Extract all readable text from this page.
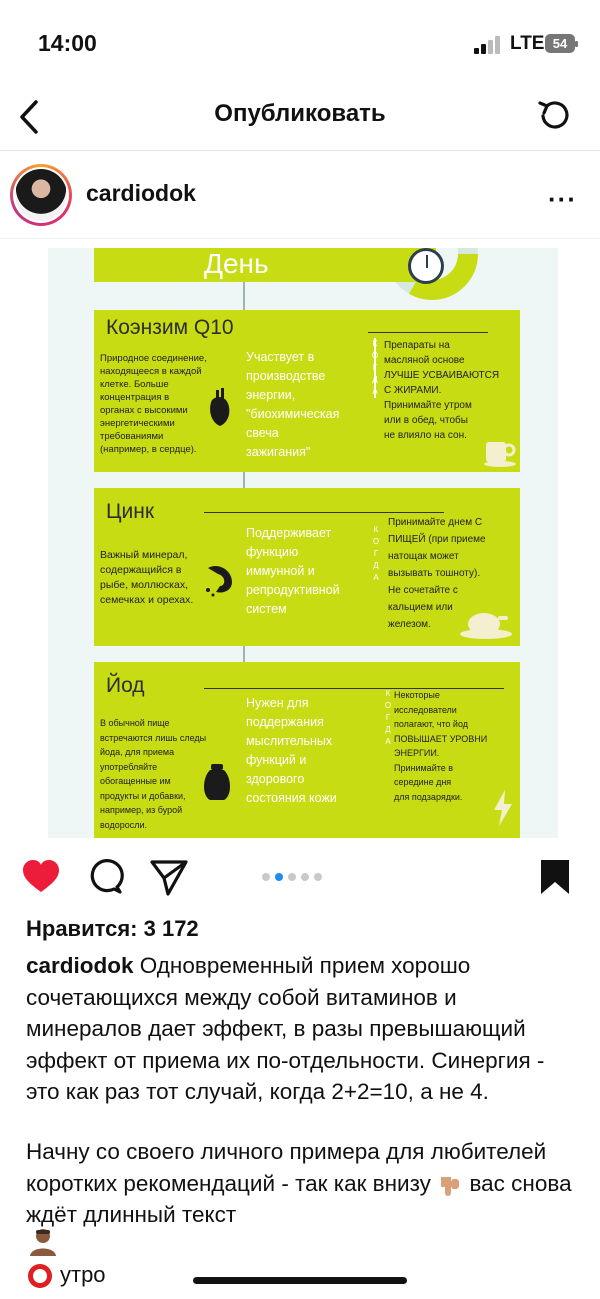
14:00	LTE 54
Опубликовать
cardiodok	···
День
Коэнзим Q10
Природное соединение,
находящееся в каждой
клетке. Больше
концентрация в
органах с высокими
энергетическими
требованиями
(например, в сердце).
Участвует в
производстве
энергии,
"биохимическая
свеча
зажигания"
К
О
Г
Д
А
Препараты на
масляной основе
ЛУЧШЕ УСВАИВАЮТСЯ
С ЖИРАМИ.
Принимайте утром
или в обед, чтобы
не влияло на сон.
Цинк
Важный минерал,
содержащийся в
рыбе, моллюсках,
семечках и орехах.
Поддерживает
функцию
иммунной и
репродуктивной
систем
К
О
Г
Д
А
Принимайте днем С
ПИЩЕЙ (при приеме
натощак может
вызывать тошноту).
Не сочетайте с
кальцием или
железом.
Йод
В обычной пище
встречаются лишь следы
йода, для приема
употребляйте
обогащенные им
продукты и добавки,
например, из бурой
водоросли.
Нужен для
поддержания
мыслительных
функций и
здорового
состояния кожи
К
О
Г
Д
А
Некоторые
исследователи
полагают, что йод
ПОВЫШАЕТ УРОВНИ
ЭНЕРГИИ.
Принимайте в
середине дня
для подзарядки.
Нравится: 3 172
cardiodok Одновременный прием хорошо сочетающихся между собой витаминов и минералов дает эффект, в разы превышающий эффект от приема их по-отдельности. Синергия - это как раз тот случай, когда 2+2=10, а не 4.
Начну со своего личного примера для любителей коротких рекомендаций - так как внизу вас снова ждёт длинный текст
утро
